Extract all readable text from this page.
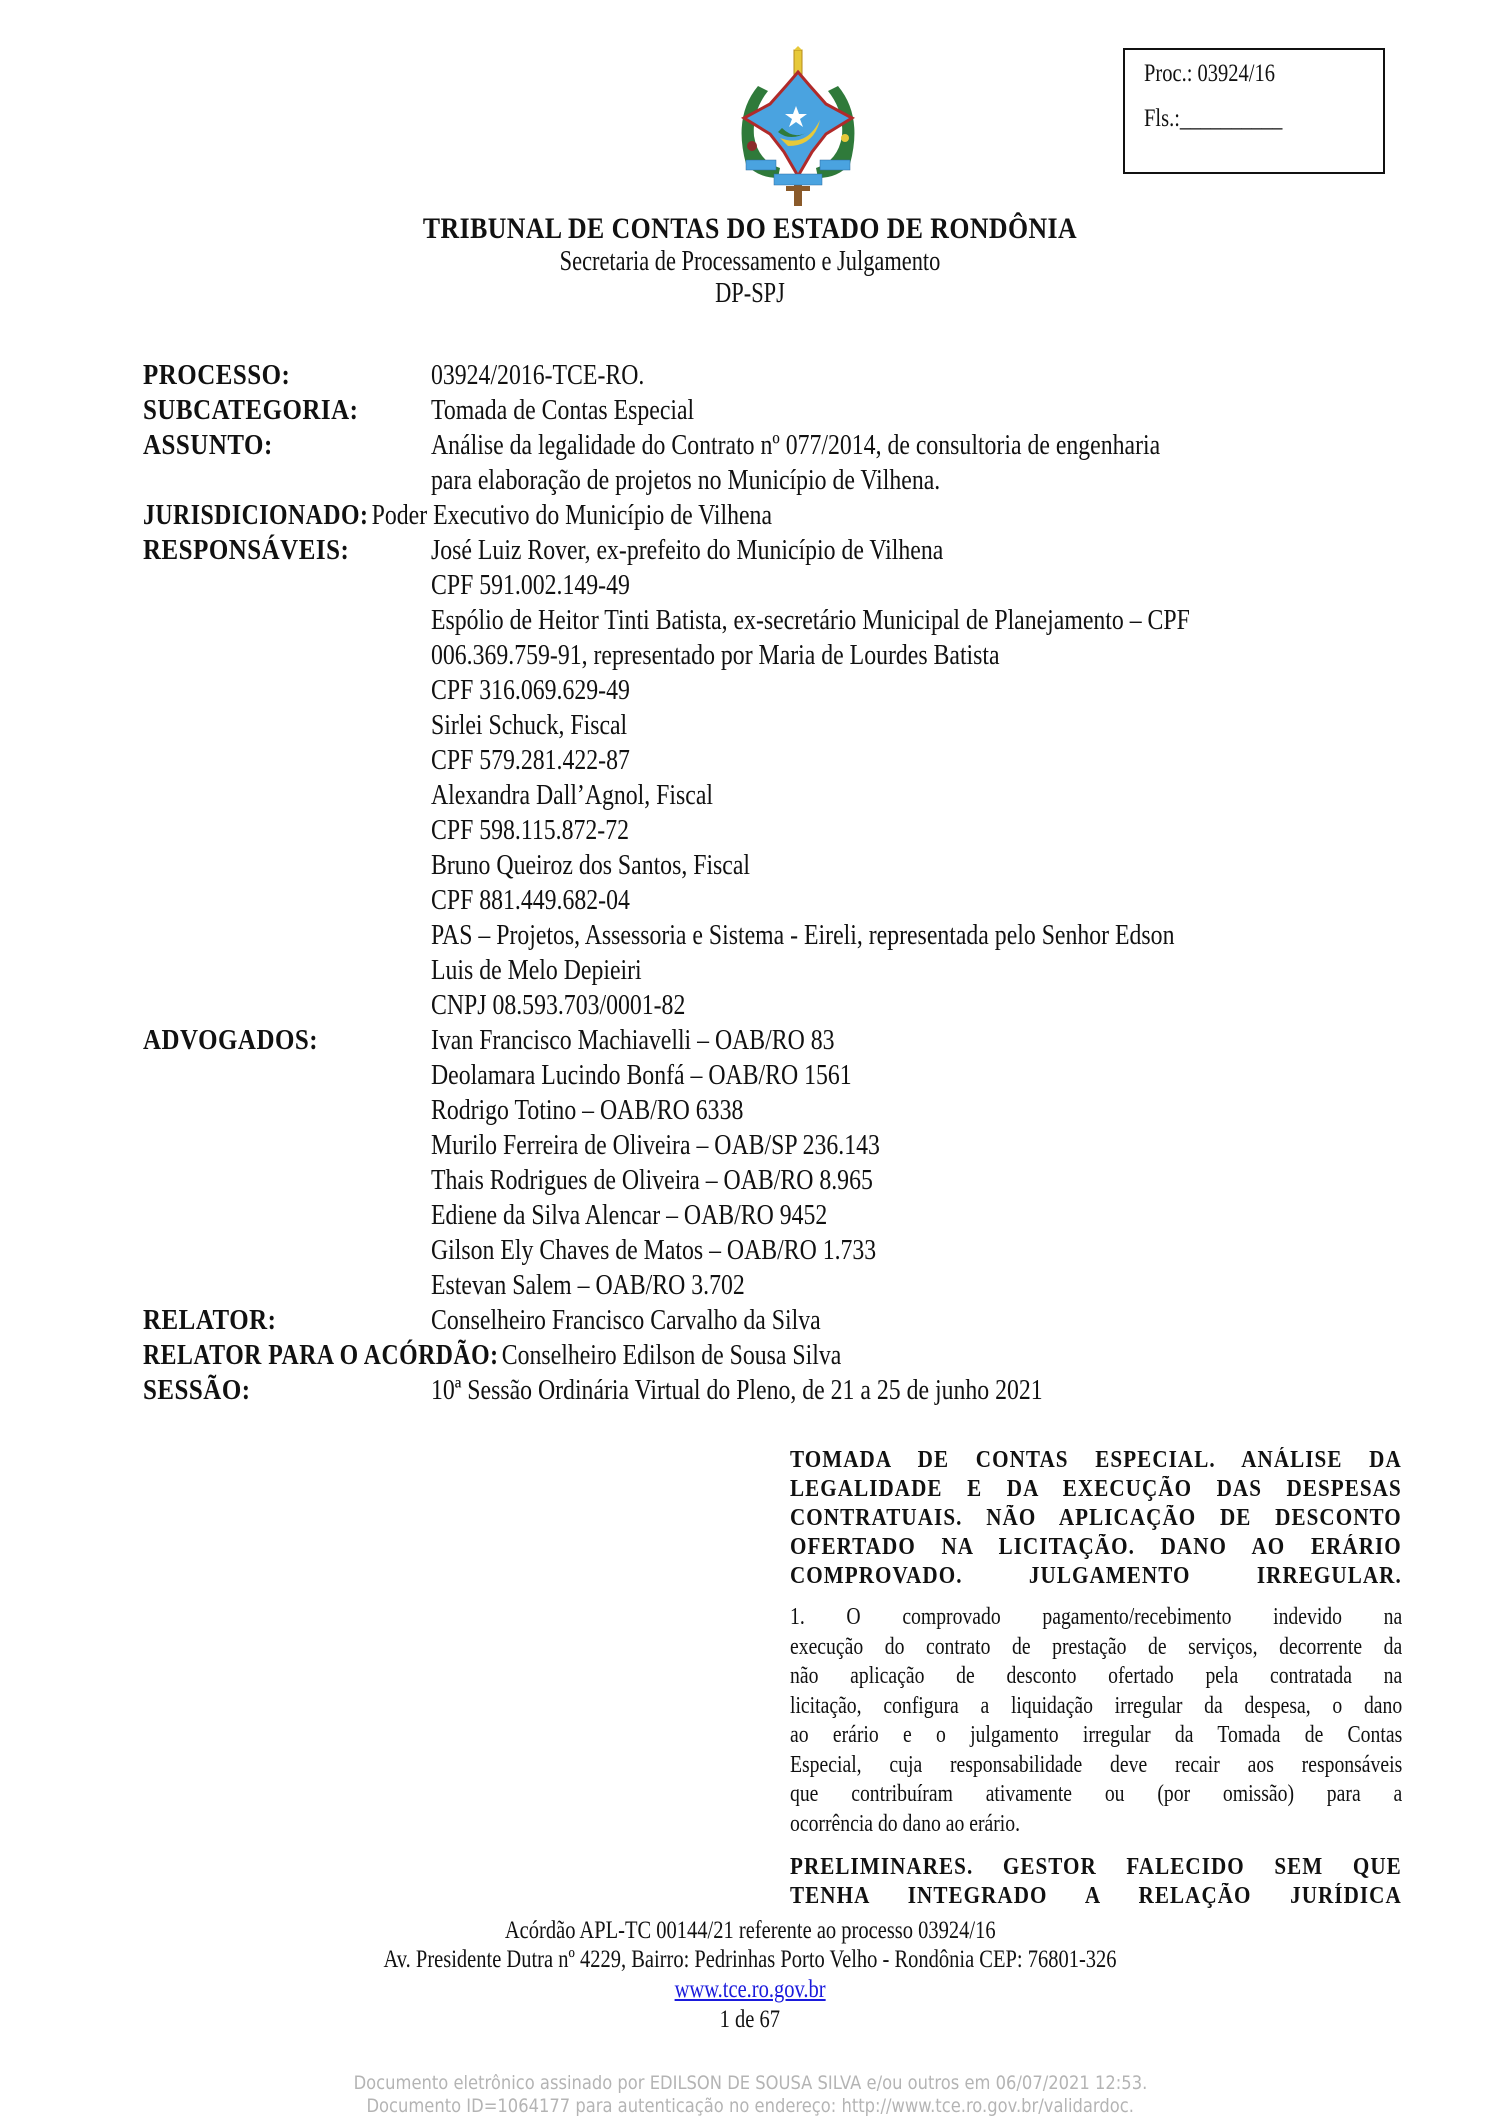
Proc.: 03924/16
Fls.:__________
TRIBUNAL DE CONTAS DO ESTADO DE RONDÔNIA
Secretaria de Processamento e Julgamento
DP-SPJ
PROCESSO:	03924/2016-TCE-RO.
SUBCATEGORIA:	Tomada de Contas Especial
ASSUNTO:	Análise da legalidade do Contrato nº 077/2014, de consultoria de engenharia
para elaboração de projetos no Município de Vilhena.
JURISDICIONADO: Poder Executivo do Município de Vilhena
RESPONSÁVEIS:	José Luiz Rover, ex-prefeito do Município de Vilhena
CPF 591.002.149-49
Espólio de Heitor Tinti Batista, ex-secretário Municipal de Planejamento – CPF
006.369.759-91, representado por Maria de Lourdes Batista
CPF 316.069.629-49
Sirlei Schuck, Fiscal
CPF 579.281.422-87
Alexandra Dall’Agnol, Fiscal
CPF 598.115.872-72
Bruno Queiroz dos Santos, Fiscal
CPF 881.449.682-04
PAS – Projetos, Assessoria e Sistema - Eireli, representada pelo Senhor Edson
Luis de Melo Depieiri
CNPJ 08.593.703/0001-82
ADVOGADOS:	Ivan Francisco Machiavelli – OAB/RO 83
Deolamara Lucindo Bonfá – OAB/RO 1561
Rodrigo Totino – OAB/RO 6338
Murilo Ferreira de Oliveira – OAB/SP 236.143
Thais Rodrigues de Oliveira – OAB/RO 8.965
Ediene da Silva Alencar – OAB/RO 9452
Gilson Ely Chaves de Matos – OAB/RO 1.733
Estevan Salem – OAB/RO 3.702
RELATOR:	Conselheiro Francisco Carvalho da Silva
RELATOR PARA O ACÓRDÃO: Conselheiro Edilson de Sousa Silva
SESSÃO:	10ª Sessão Ordinária Virtual do Pleno, de 21 a 25 de junho 2021
TOMADA DE CONTAS ESPECIAL. ANÁLISE DA
LEGALIDADE E DA EXECUÇÃO DAS DESPESAS
CONTRATUAIS. NÃO APLICAÇÃO DE DESCONTO
OFERTADO NA LICITAÇÃO. DANO AO ERÁRIO
COMPROVADO. JULGAMENTO IRREGULAR.
1. O comprovado pagamento/recebimento indevido na
execução do contrato de prestação de serviços, decorrente da
não aplicação de desconto ofertado pela contratada na
licitação, configura a liquidação irregular da despesa, o dano
ao erário e o julgamento irregular da Tomada de Contas
Especial, cuja responsabilidade deve recair aos responsáveis
que contribuíram ativamente ou (por omissão) para a
ocorrência do dano ao erário.
PRELIMINARES. GESTOR FALECIDO SEM QUE
TENHA INTEGRADO A RELAÇÃO JURÍDICA
Acórdão APL-TC 00144/21 referente ao processo 03924/16
Av. Presidente Dutra nº 4229, Bairro: Pedrinhas Porto Velho - Rondônia CEP: 76801-326
www.tce.ro.gov.br
1 de 67
Documento eletrônico assinado por EDILSON DE SOUSA SILVA e/ou outros em 06/07/2021 12:53.
Documento ID=1064177 para autenticação no endereço: http://www.tce.ro.gov.br/validardoc.
